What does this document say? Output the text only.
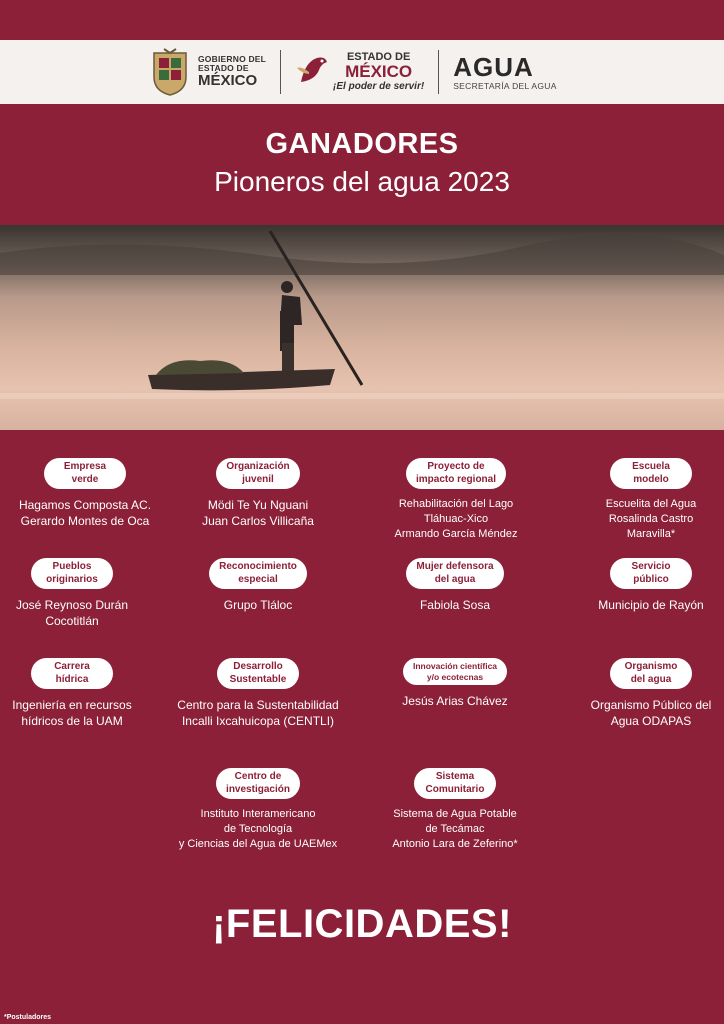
GOBIERNO DEL
ESTADO DE
MÉXICO
ESTADO DE
MÉXICO
¡El poder de servir!
AGUA
SECRETARÍA DEL AGUA
GANADORES
Pioneros del agua 2023
Empresa
verde
Hagamos Composta AC.
Gerardo Montes de Oca
Organización
juvenil
Mödi Te Yu Nguani
Juan Carlos Villicaña
Proyecto de
impacto regional
Rehabilitación del Lago
Tláhuac-Xico
Armando García Méndez
Escuela
modelo
Escuelita del Agua
Rosalinda Castro
Maravilla*
Pueblos
originarios
José Reynoso Durán
Cocotitlán
Reconocimiento
especial
Grupo Tláloc
Mujer defensora
del agua
Fabiola Sosa
Servicio
público
Municipio de Rayón
Carrera
hídrica
Ingeniería en recursos
hídricos de la UAM
Desarrollo
Sustentable
Centro para la Sustentabilidad
Incalli Ixcahuicopa (CENTLI)
Innovación científica
y/o ecotecnas
Jesús Arias Chávez
Organismo
del agua
Organismo Público del
Agua ODAPAS
Centro de
investigación
Instituto Interamericano
de Tecnología
y Ciencias del Agua de UAEMex
Sistema
Comunitario
Sistema de Agua Potable
de Tecámac
Antonio Lara de Zeferino*
¡FELICIDADES!
*Postuladores
